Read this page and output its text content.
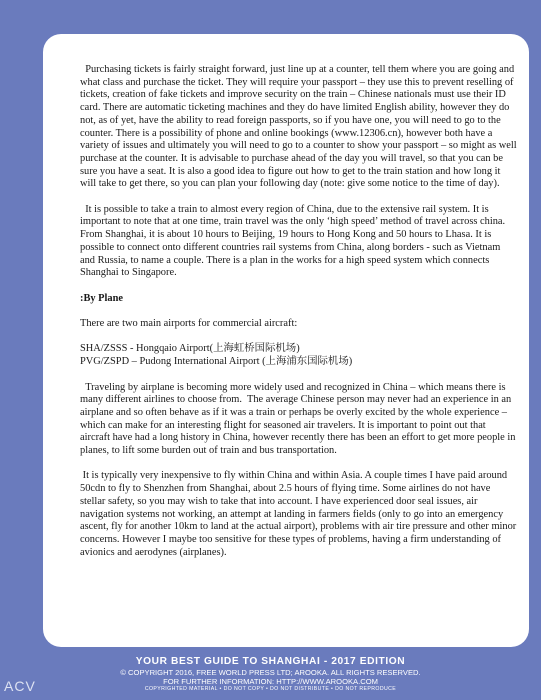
Purchasing tickets is fairly straight forward, just line up at a counter, tell them where you are going and what class and purchase the ticket. They will require your passport – they use this to prevent reselling of tickets, creation of fake tickets and improve security on the train – Chinese nationals must use their ID card. There are automatic ticketing machines and they do have limited English ability, however they do not, as of yet, have the ability to read foreign passports, so if you have one, you will need to go to the counter. There is a possibility of phone and online bookings (www.12306.cn), however both have a variety of issues and ultimately you will need to go to a counter to show your passport – so might as well purchase at the counter. It is advisable to purchase ahead of the day you will travel, so that you can be sure you have a seat. It is also a good idea to figure out how to get to the train station and how long it will take to get there, so you can plan your following day (note: give some notice to the time of day).

It is possible to take a train to almost every region of China, due to the extensive rail system. It is important to note that at one time, train travel was the only ‘high speed’ method of travel across china. From Shanghai, it is about 10 hours to Beijing, 19 hours to Hong Kong and 50 hours to Lhasa. It is possible to connect onto different countries rail systems from China, along borders - such as Vietnam and Russia, to name a couple. There is a plan in the works for a high speed system which connects Shanghai to Singapore.

:By Plane

There are two main airports for commercial aircraft:

SHA/ZSSS - Hongqaio Airport(上海虹桥国际机场)

PVG/ZSPD – Pudong International Airport (上海浦东国际机场)

Traveling by airplane is becoming more widely used and recognized in China – which means there is many different airlines to choose from.  The average Chinese person may never had an experience in an airplane and so often behave as if it was a train or perhaps be overly excited by the whole experience – which can make for an interesting flight for seasoned air travelers. It is important to point out that aircraft have had a long history in China, however recently there has been an effort to get more people in planes, to lift some burden out of train and bus transportation.

It is typically very inexpensive to fly within China and within Asia. A couple times I have paid around 50cdn to fly to Shenzhen from Shanghai, about 2.5 hours of flying time. Some airlines do not have stellar safety, so you may wish to take that into account. I have experienced door seal issues, air navigation systems not working, an attempt at landing in farmers fields (only to go into an emergency ascent, fly for another 10km to land at the actual airport), problems with air tire pressure and other minor concerns. However I maybe too sensitive for these types of problems, having a firm understanding of avionics and aerodynes (airplanes).

YOUR BEST GUIDE TO SHANGHAI - 2017 EDITION
© COPYRIGHT 2016, FREE WORLD PRESS LTD; AROOKA. ALL RIGHTS RESERVED.
FOR FURTHER INFORMATION: HTTP://WWW.AROOKA.COM
COPYRIGHTED MATERIAL • DO NOT COPY • DO NOT DISTRIBUTE • DO NOT REPRODUCE
ACV
